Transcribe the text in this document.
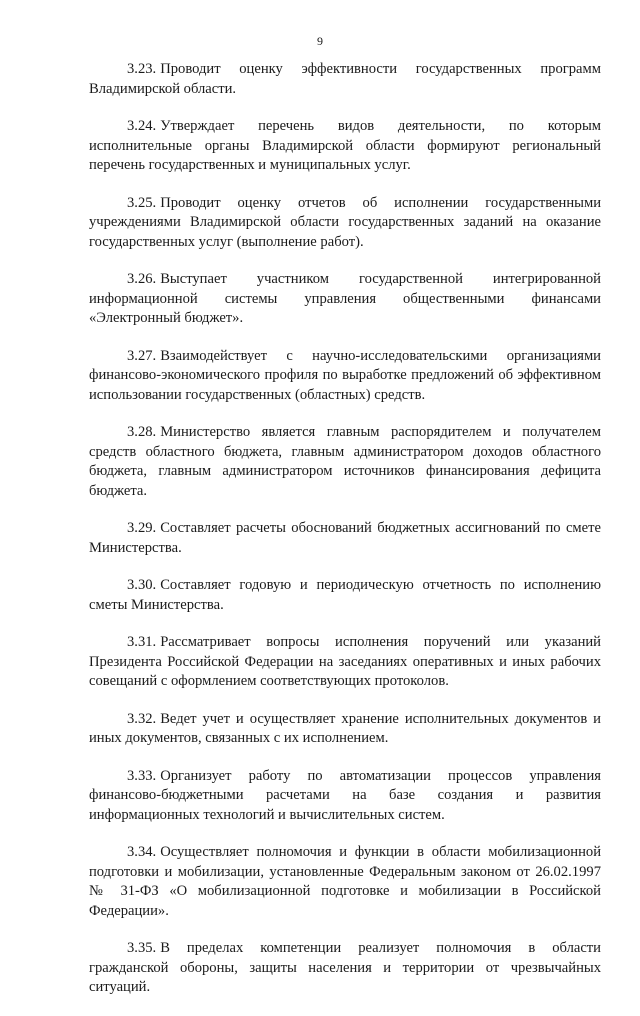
9

3.23. Проводит оценку эффективности государственных программ Владимирской области.

3.24. Утверждает перечень видов деятельности, по которым исполнительные органы Владимирской области формируют региональный перечень государственных и муниципальных услуг.

3.25. Проводит оценку отчетов об исполнении государственными учреждениями Владимирской области государственных заданий на оказание государственных услуг (выполнение работ).

3.26. Выступает участником государственной интегрированной информационной системы управления общественными финансами «Электронный бюджет».

3.27. Взаимодействует с научно-исследовательскими организациями финансово-экономического профиля по выработке предложений об эффективном использовании государственных (областных) средств.

3.28. Министерство является главным распорядителем и получателем средств областного бюджета, главным администратором доходов областного бюджета, главным администратором источников финансирования дефицита бюджета.

3.29. Составляет расчеты обоснований бюджетных ассигнований по смете Министерства.

3.30. Составляет годовую и периодическую отчетность по исполнению сметы Министерства.

3.31. Рассматривает вопросы исполнения поручений или указаний Президента Российской Федерации на заседаниях оперативных и иных рабочих совещаний с оформлением соответствующих протоколов.

3.32. Ведет учет и осуществляет хранение исполнительных документов и иных документов, связанных с их исполнением.

3.33. Организует работу по автоматизации процессов управления финансово-бюджетными расчетами на базе создания и развития информационных технологий и вычислительных систем.

3.34. Осуществляет полномочия и функции в области мобилизационной подготовки и мобилизации, установленные Федеральным законом от 26.02.1997 № 31-ФЗ «О мобилизационной подготовке и мобилизации в Российской Федерации».

3.35. В пределах компетенции реализует полномочия в области гражданской обороны, защиты населения и территории от чрезвычайных ситуаций.
